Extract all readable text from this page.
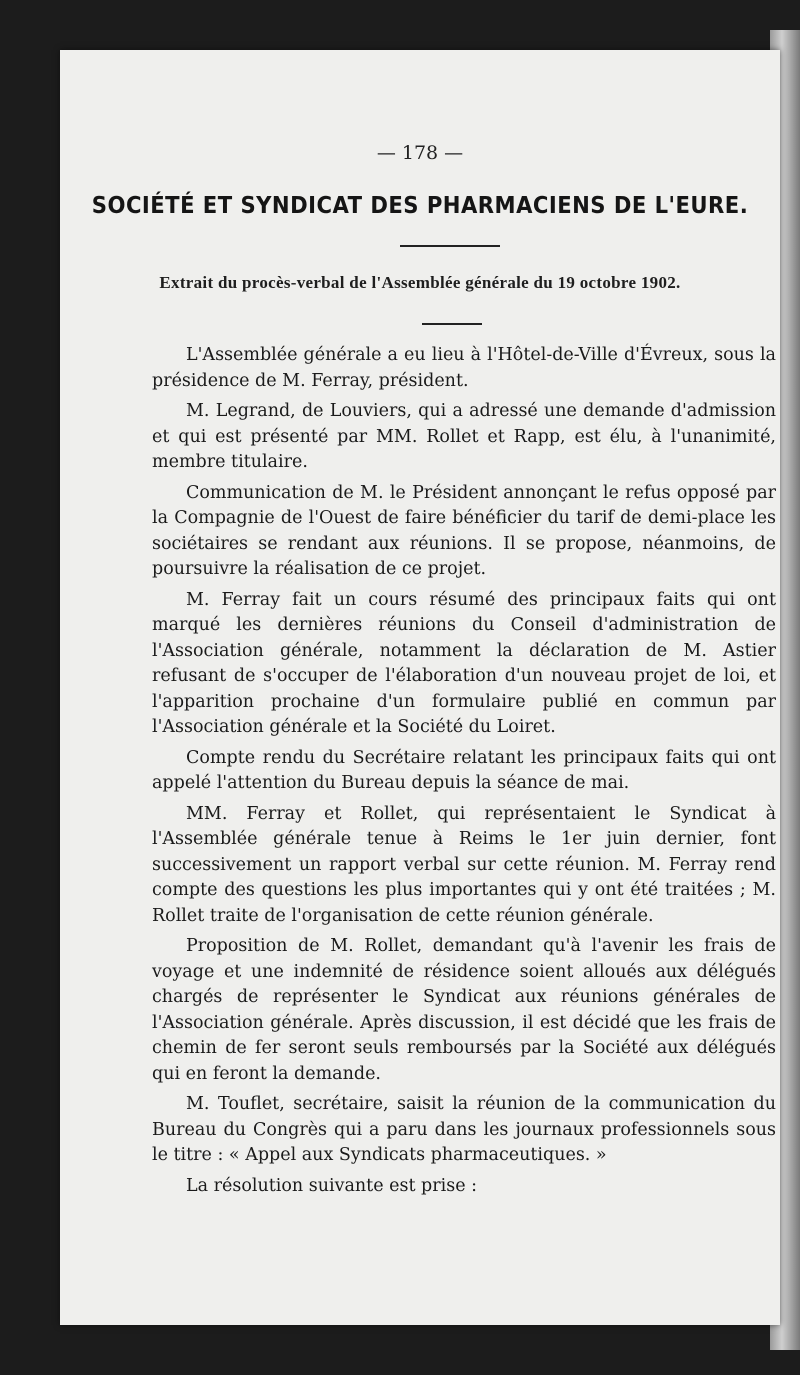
— 178 —
SOCIÉTÉ ET SYNDICAT DES PHARMACIENS DE L'EURE.
Extrait du procès-verbal de l'Assemblée générale du 19 octobre 1902.

L'Assemblée générale a eu lieu à l'Hôtel-de-Ville d'Évreux, sous la présidence de M. Ferray, président.

M. Legrand, de Louviers, qui a adressé une demande d'admission et qui est présenté par MM. Rollet et Rapp, est élu, à l'unanimité, membre titulaire.

Communication de M. le Président annonçant le refus opposé par la Compagnie de l'Ouest de faire bénéficier du tarif de demi-place les sociétaires se rendant aux réunions. Il se propose, néanmoins, de poursuivre la réalisation de ce projet.

M. Ferray fait un cours résumé des principaux faits qui ont marqué les dernières réunions du Conseil d'administration de l'Association générale, notamment la déclaration de M. Astier refusant de s'occuper de l'élaboration d'un nouveau projet de loi, et l'apparition prochaine d'un formulaire publié en commun par l'Association générale et la Société du Loiret.

Compte rendu du Secrétaire relatant les principaux faits qui ont appelé l'attention du Bureau depuis la séance de mai.

MM. Ferray et Rollet, qui représentaient le Syndicat à l'Assemblée générale tenue à Reims le 1er juin dernier, font successivement un rapport verbal sur cette réunion. M. Ferray rend compte des questions les plus importantes qui y ont été traitées ; M. Rollet traite de l'organisation de cette réunion générale.

Proposition de M. Rollet, demandant qu'à l'avenir les frais de voyage et une indemnité de résidence soient alloués aux délégués chargés de représenter le Syndicat aux réunions générales de l'Association générale. Après discussion, il est décidé que les frais de chemin de fer seront seuls remboursés par la Société aux délégués qui en feront la demande.

M. Touflet, secrétaire, saisit la réunion de la communication du Bureau du Congrès qui a paru dans les journaux professionnels sous le titre : « Appel aux Syndicats pharmaceutiques. »

La résolution suivante est prise :
